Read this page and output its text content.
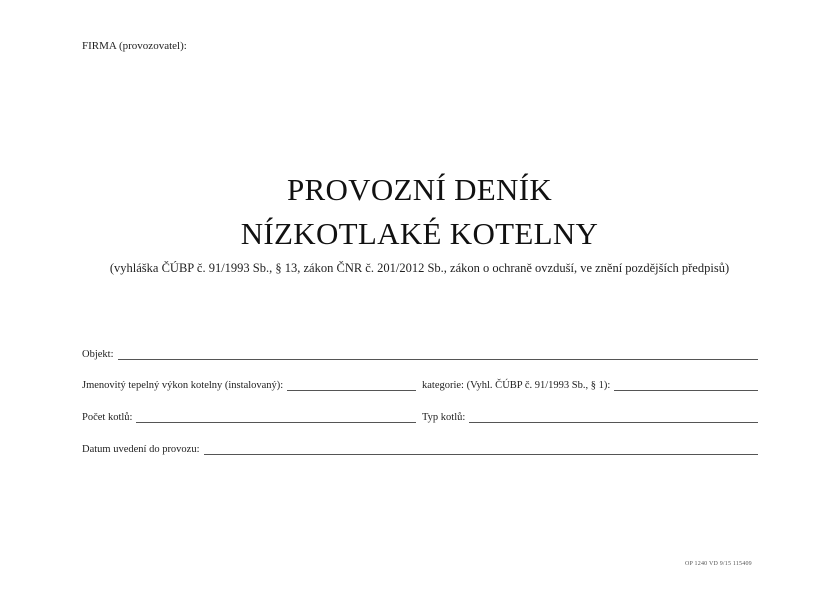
FIRMA (provozovatel):
PROVOZNÍ DENÍK
NÍZKOTLAKÉ KOTELNY
(vyhláška ČÚBP č. 91/1993 Sb., § 13, zákon ČNR č. 201/2012 Sb., zákon o ochraně ovzduší, ve znění pozdějších předpisů)
Objekt:
Jmenovitý tepelný výkon kotelny (instalovaný):	kategorie: (Vyhl. ČÚBP č. 91/1993 Sb., § 1):
Počet kotlů:	Typ kotlů:
Datum uvedení do provozu:
OP 1240 VD 9/15 115409
